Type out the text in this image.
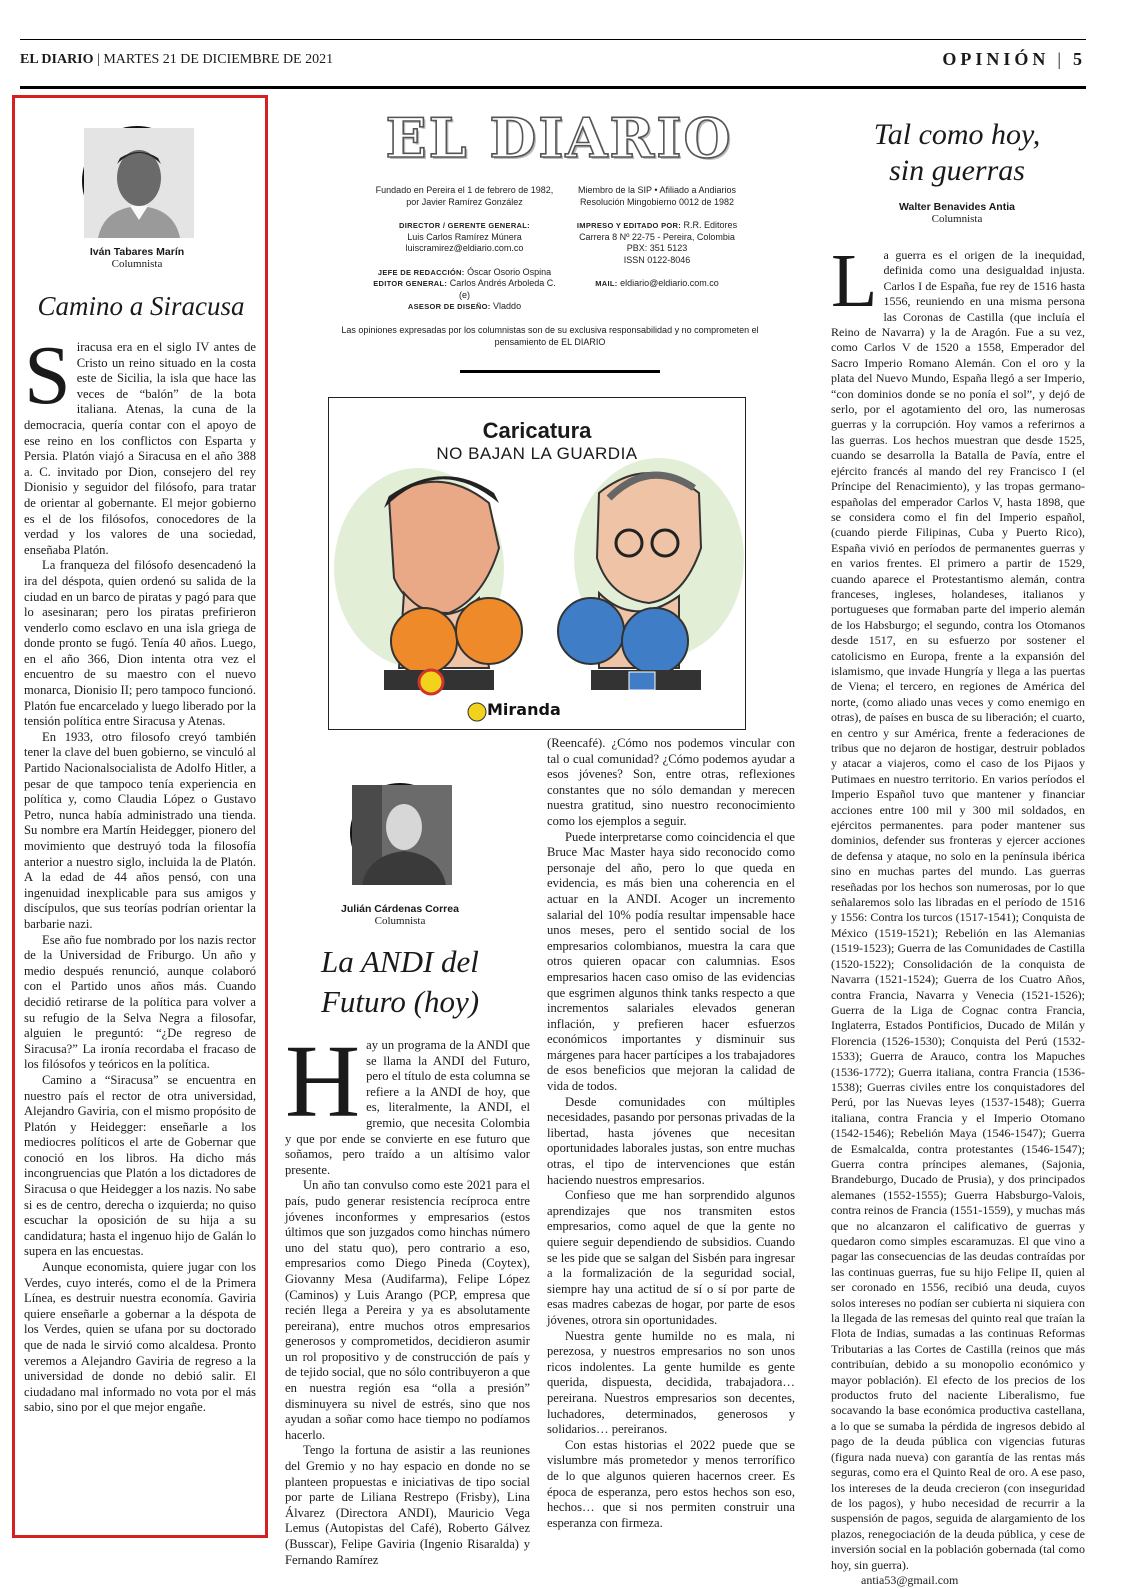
EL DIARIO | MARTES 21 DE DICIEMBRE DE 2021	OPINIÓN | 5
Iván Tabares Marín
Columnista
Camino a Siracusa

Siracusa era en el siglo IV antes de Cristo un reino situado en la costa este de Sicilia, la isla que hace las veces de “balón” de la bota italiana. Atenas, la cuna de la democracia, quería contar con el apoyo de ese reino en los conflictos con Esparta y Persia. Platón viajó a Siracusa en el año 388 a. C. invitado por Dion, consejero del rey Dionisio y seguidor del filósofo, para tratar de orientar al gobernante. El mejor gobierno es el de los filósofos, conocedores de la verdad y los valores de una sociedad, enseñaba Platón.

La franqueza del filósofo desencadenó la ira del déspota, quien ordenó su salida de la ciudad en un barco de piratas y pagó para que lo asesinaran; pero los piratas prefirieron venderlo como esclavo en una isla griega de donde pronto se fugó. Tenía 40 años. Luego, en el año 366, Dion intenta otra vez el encuentro de su maestro con el nuevo monarca, Dionisio II; pero tampoco funcionó. Platón fue encarcelado y luego liberado por la tensión política entre Siracusa y Atenas.

En 1933, otro filosofo creyó también tener la clave del buen gobierno, se vinculó al Partido Nacionalsocialista de Adolfo Hitler, a pesar de que tampoco tenía experiencia en política y, como Claudia López o Gustavo Petro, nunca había administrado una tienda. Su nombre era Martín Heidegger, pionero del movimiento que destruyó toda la filosofía anterior a nuestro siglo, incluida la de Platón. A la edad de 44 años pensó, con una ingenuidad inexplicable para sus amigos y discípulos, que sus teorías podrían orientar la barbarie nazi.

Ese año fue nombrado por los nazis rector de la Universidad de Friburgo. Un año y medio después renunció, aunque colaboró con el Partido unos años más. Cuando decidió retirarse de la política para volver a su refugio de la Selva Negra a filosofar, alguien le preguntó: “¿De regreso de Siracusa?” La ironía recordaba el fracaso de los filósofos y teóricos en la política.

Camino a “Siracusa” se encuentra en nuestro país el rector de otra universidad, Alejandro Gaviria, con el mismo propósito de Platón y Heidegger: enseñarle a los mediocres políticos el arte de Gobernar que conoció en los libros. Ha dicho más incongruencias que Platón a los dictadores de Siracusa o que Heidegger a los nazis. No sabe si es de centro, derecha o izquierda; no quiso escuchar la oposición de su hija a su candidatura; hasta el ingenuo hijo de Galán lo supera en las encuestas.

Aunque economista, quiere jugar con los Verdes, cuyo interés, como el de la Primera Línea, es destruir nuestra economía. Gaviria quiere enseñarle a gobernar a la déspota de los Verdes, quien se ufana por su doctorado que de nada le sirvió como alcaldesa. Pronto veremos a Alejandro Gaviria de regreso a la universidad de donde no debió salir. El ciudadano mal informado no vota por el más sabio, sino por el que mejor engañe.

EL DIARIO
Fundado en Pereira el 1 de febrero de 1982,
por Javier Ramírez González
DIRECTOR / GERENTE GENERAL:
Luis Carlos Ramírez Múnera
luiscramirez@eldiario.com.co
JEFE DE REDACCIÓN: Óscar Osorio Ospina
EDITOR GENERAL: Carlos Andrés Arboleda C. (e)
ASESOR DE DISEÑO: Vladdo
Miembro de la SIP • Afiliado a Andiarios
Resolución Mingobierno 0012 de 1982
IMPRESO Y EDITADO POR: R.R. Editores
Carrera 8 Nº 22-75 - Pereira, Colombia
PBX: 351 5123
ISSN 0122-8046
MAIL: eldiario@eldiario.com.co
Las opiniones expresadas por los columnistas son de su exclusiva responsabilidad y no comprometen el pensamiento de EL DIARIO
Caricatura
NO BAJAN LA GUARDIA
Miranda
Julián Cárdenas Correa
Columnista
La ANDI del Futuro (hoy)

Hay un programa de la ANDI que se llama la ANDI del Futuro, pero el título de esta columna se refiere a la ANDI de hoy, que es, literalmente, la ANDI, el gremio, que necesita Colombia y que por ende se convierte en ese futuro que soñamos, pero traído a un altísimo valor presente.

Un año tan convulso como este 2021 para el país, pudo generar resistencia recíproca entre jóvenes inconformes y empresarios (estos últimos que son juzgados como hinchas número uno del statu quo), pero contrario a eso, empresarios como Diego Pineda (Coytex), Giovanny Mesa (Audifarma), Felipe López (Caminos) y Luis Arango (PCP, empresa que recién llega a Pereira y ya es absolutamente pereirana), entre muchos otros empresarios generosos y comprometidos, decidieron asumir un rol propositivo y de construcción de país y de tejido social, que no sólo contribuyeron a que en nuestra región esa “olla a presión” disminuyera su nivel de estrés, sino que nos ayudan a soñar como hace tiempo no podíamos hacerlo.

Tengo la fortuna de asistir a las reuniones del Gremio y no hay espacio en donde no se planteen propuestas e iniciativas de tipo social por parte de Liliana Restrepo (Frisby), Lina Álvarez (Directora ANDI), Mauricio Vega Lemus (Autopistas del Café), Roberto Gálvez (Busscar), Felipe Gaviria (Ingenio Risaralda) y Fernando Ramírez

(Reencafé). ¿Cómo nos podemos vincular con tal o cual comunidad? ¿Cómo podemos ayudar a esos jóvenes? Son, entre otras, reflexiones constantes que no sólo demandan y merecen nuestra gratitud, sino nuestro reconocimiento como los ejemplos a seguir.

Puede interpretarse como coincidencia el que Bruce Mac Master haya sido reconocido como personaje del año, pero lo que queda en evidencia, es más bien una coherencia en el actuar en la ANDI. Acoger un incremento salarial del 10% podía resultar impensable hace unos meses, pero el sentido social de los empresarios colombianos, muestra la cara que otros quieren opacar con calumnias. Esos empresarios hacen caso omiso de las evidencias que esgrimen algunos think tanks respecto a que incrementos salariales elevados generan inflación, y prefieren hacer esfuerzos económicos importantes y disminuir sus márgenes para hacer partícipes a los trabajadores de esos beneficios que mejoran la calidad de vida de todos.

Desde comunidades con múltiples necesidades, pasando por personas privadas de la libertad, hasta jóvenes que necesitan oportunidades laborales justas, son entre muchas otras, el tipo de intervenciones que están haciendo nuestros empresarios.

Confieso que me han sorprendido algunos aprendizajes que nos transmiten estos empresarios, como aquel de que la gente no quiere seguir dependiendo de subsidios. Cuando se les pide que se salgan del Sisbén para ingresar a la formalización de la seguridad social, siempre hay una actitud de sí o sí por parte de esas madres cabezas de hogar, por parte de esos jóvenes, otrora sin oportunidades.

Nuestra gente humilde no es mala, ni perezosa, y nuestros empresarios no son unos ricos indolentes. La gente humilde es gente querida, dispuesta, decidida, trabajadora… pereirana. Nuestros empresarios son decentes, luchadores, determinados, generosos y solidarios… pereiranos.

Con estas historias el 2022 puede que se vislumbre más prometedor y menos terrorífico de lo que algunos quieren hacernos creer. Es época de esperanza, pero estos hechos son eso, hechos… que si nos permiten construir una esperanza con firmeza.

Tal como hoy,
sin guerras
Walter Benavides Antia
Columnista

La guerra es el origen de la inequidad, definida como una desigualdad injusta. Carlos I de España, fue rey de 1516 hasta 1556, reuniendo en una misma persona las Coronas de Castilla (que incluía el Reino de Navarra) y la de Aragón. Fue a su vez, como Carlos V de 1520 a 1558, Emperador del Sacro Imperio Romano Alemán. Con el oro y la plata del Nuevo Mundo, España llegó a ser Imperio, “con dominios donde se no ponía el sol”, y dejó de serlo, por el agotamiento del oro, las numerosas guerras y la corrupción. Hoy vamos a referirnos a las guerras. Los hechos muestran que desde 1525, cuando se desarrolla la Batalla de Pavía, entre el ejército francés al mando del rey Francisco I (el Príncipe del Renacimiento), y las tropas germano-españolas del emperador Carlos V, hasta 1898, que se considera como el fin del Imperio español, (cuando pierde Filipinas, Cuba y Puerto Rico), España vivió en períodos de permanentes guerras y en varios frentes. El primero a partir de 1529, cuando aparece el Protestantismo alemán, contra franceses, ingleses, holandeses, italianos y portugueses que formaban parte del imperio alemán de los Habsburgo; el segundo, contra los Otomanos desde 1517, en su esfuerzo por sostener el catolicismo en Europa, frente a la expansión del islamismo, que invade Hungría y llega a las puertas de Viena; el tercero, en regiones de América del norte, (como aliado unas veces y como enemigo en otras), de países en busca de su liberación; el cuarto, en centro y sur América, frente a federaciones de tribus que no dejaron de hostigar, destruir poblados y atacar a viajeros, como el caso de los Pijaos y Putimaes en nuestro territorio. En varios períodos el Imperio Español tuvo que mantener y financiar acciones entre 100 mil y 300 mil soldados, en ejércitos permanentes. para poder mantener sus dominios, defender sus fronteras y ejercer acciones de defensa y ataque, no solo en la península ibérica sino en muchas partes del mundo. Las guerras reseñadas por los hechos son numerosas, por lo que señalaremos solo las libradas en el período de 1516 y 1556: Contra los turcos (1517-1541); Conquista de México (1519-1521); Rebelión en las Alemanias (1519-1523); Guerra de las Comunidades de Castilla (1520-1522); Consolidación de la conquista de Navarra (1521-1524); Guerra de los Cuatro Años, contra Francia, Navarra y Venecia (1521-1526); Guerra de la Liga de Cognac contra Francia, Inglaterra, Estados Pontificios, Ducado de Milán y Florencia (1526-1530); Conquista del Perú (1532-1533); Guerra de Arauco, contra los Mapuches (1536-1772); Guerra italiana, contra Francia (1536-1538); Guerras civiles entre los conquistadores del Perú, por las Nuevas leyes (1537-1548); Guerra italiana, contra Francia y el Imperio Otomano (1542-1546); Rebelión Maya (1546-1547); Guerra de Esmalcalda, contra protestantes (1546-1547); Guerra contra príncipes alemanes, (Sajonia, Brandeburgo, Ducado de Prusia), y dos principados alemanes (1552-1555); Guerra Habsburgo-Valois, contra reinos de Francia (1551-1559), y muchas más que no alcanzaron el calificativo de guerras y quedaron como simples escaramuzas. El que vino a pagar las consecuencias de las deudas contraídas por las continuas guerras, fue su hijo Felipe II, quien al ser coronado en 1556, recibió una deuda, cuyos solos intereses no podían ser cubierta ni siquiera con la llegada de las remesas del quinto real que traían la Flota de Indias, sumadas a las continuas Reformas Tributarias a las Cortes de Castilla (reinos que más contribuían, debido a su monopolio económico y mayor población). El efecto de los precios de los productos fruto del naciente Liberalismo, fue socavando la base económica productiva castellana, a lo que se sumaba la pérdida de ingresos debido al pago de la deuda pública con vigencias futuras (figura nada nueva) con garantía de las rentas más seguras, como era el Quinto Real de oro. A ese paso, los intereses de la deuda crecieron (con inseguridad de los pagos), y hubo necesidad de recurrir a la suspensión de pagos, seguida de alargamiento de los plazos, renegociación de la deuda pública, y cese de inversión social en la población gobernada (tal como hoy, sin guerra).

antia53@gmail.com
